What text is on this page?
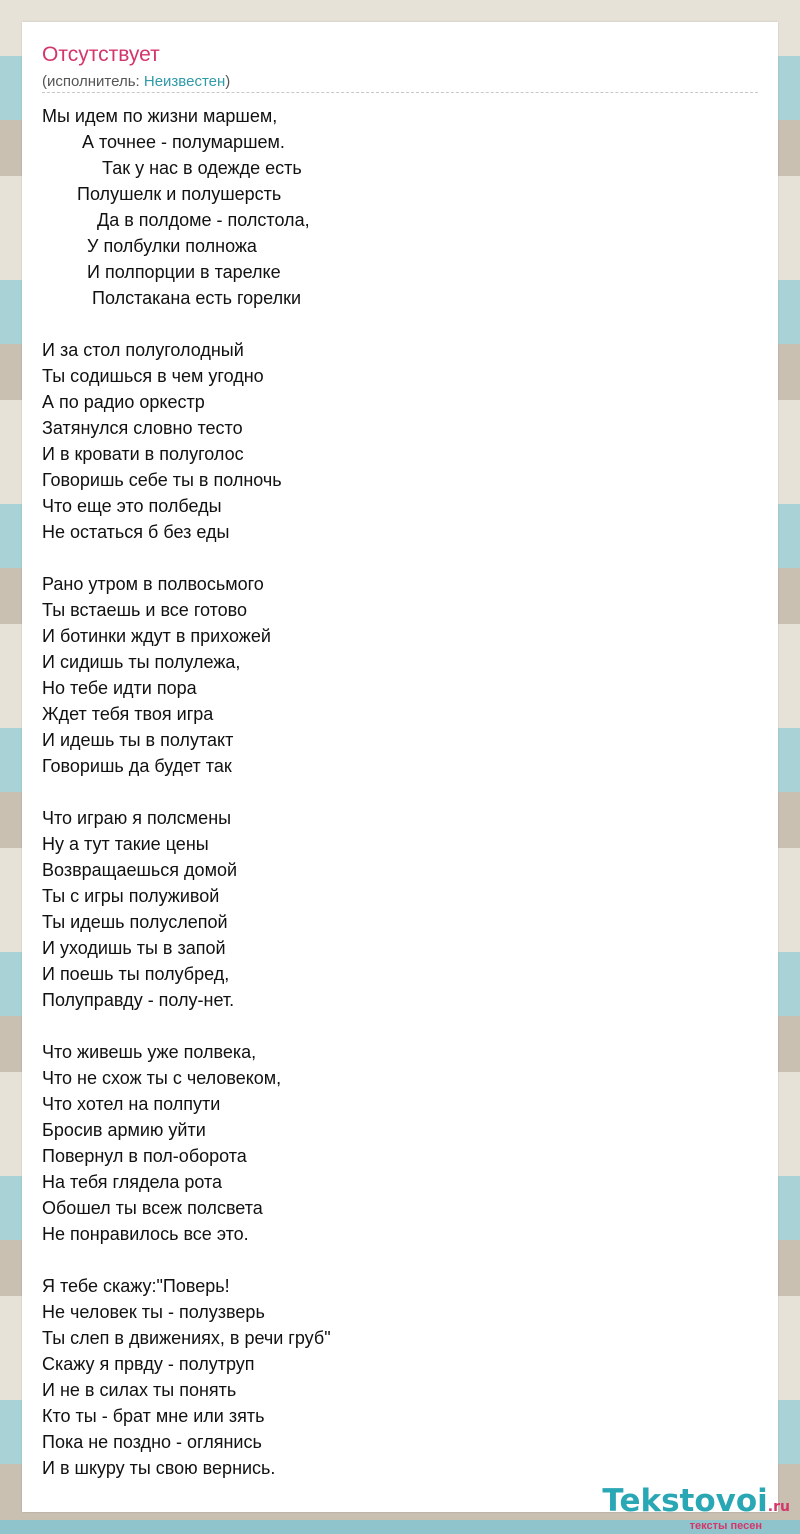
Отсутствует
(исполнитель: Неизвестен)
Мы идем по жизни маршем,
А точнее - полумаршем.
Так у нас в одежде есть
Полушелк и полушерсть
Да в полдоме - полстола,
У полбулки полножа
И полпорции в тарелке
Полстакана есть горелки

И за стол полуголодный
Ты содишься в чем угодно
А по радио оркестр
Затянулся словно тесто
И в кровати в полуголос
Говоришь себе ты в полночь
Что еще это полбеды
Не остаться б без еды

Рано утром в полвосьмого
Ты встаешь и все готово
И ботинки ждут в прихожей
И сидишь ты полулежа,
Но тебе идти пора
Ждет тебя твоя игра
И идешь ты в полутакт
Говоришь да будет так

Что играю я полсмены
Ну а тут такие цены
Возвращаешься домой
Ты с игры полуживой
Ты идешь полуслепой
И уходишь ты в запой
И поешь ты полубред,
Полуправду - полу-нет.

Что живешь уже полвека,
Что не схож ты с человеком,
Что хотел на полпути
Бросив армию уйти
Повернул в пол-оборота
На тебя глядела рота
Обошел ты всеж полсвета
Не понравилось все это.

Я тебе скажу:"Поверь!
Не человек ты - полузверь
Ты слеп в движениях, в речи груб"
Скажу я првду - полутруп
И не в силах ты понять
Кто ты - брат мне или зять
Пока не поздно - оглянись
И в шкуру ты свою вернись.
Tekstovoi.ru
тексты песен
